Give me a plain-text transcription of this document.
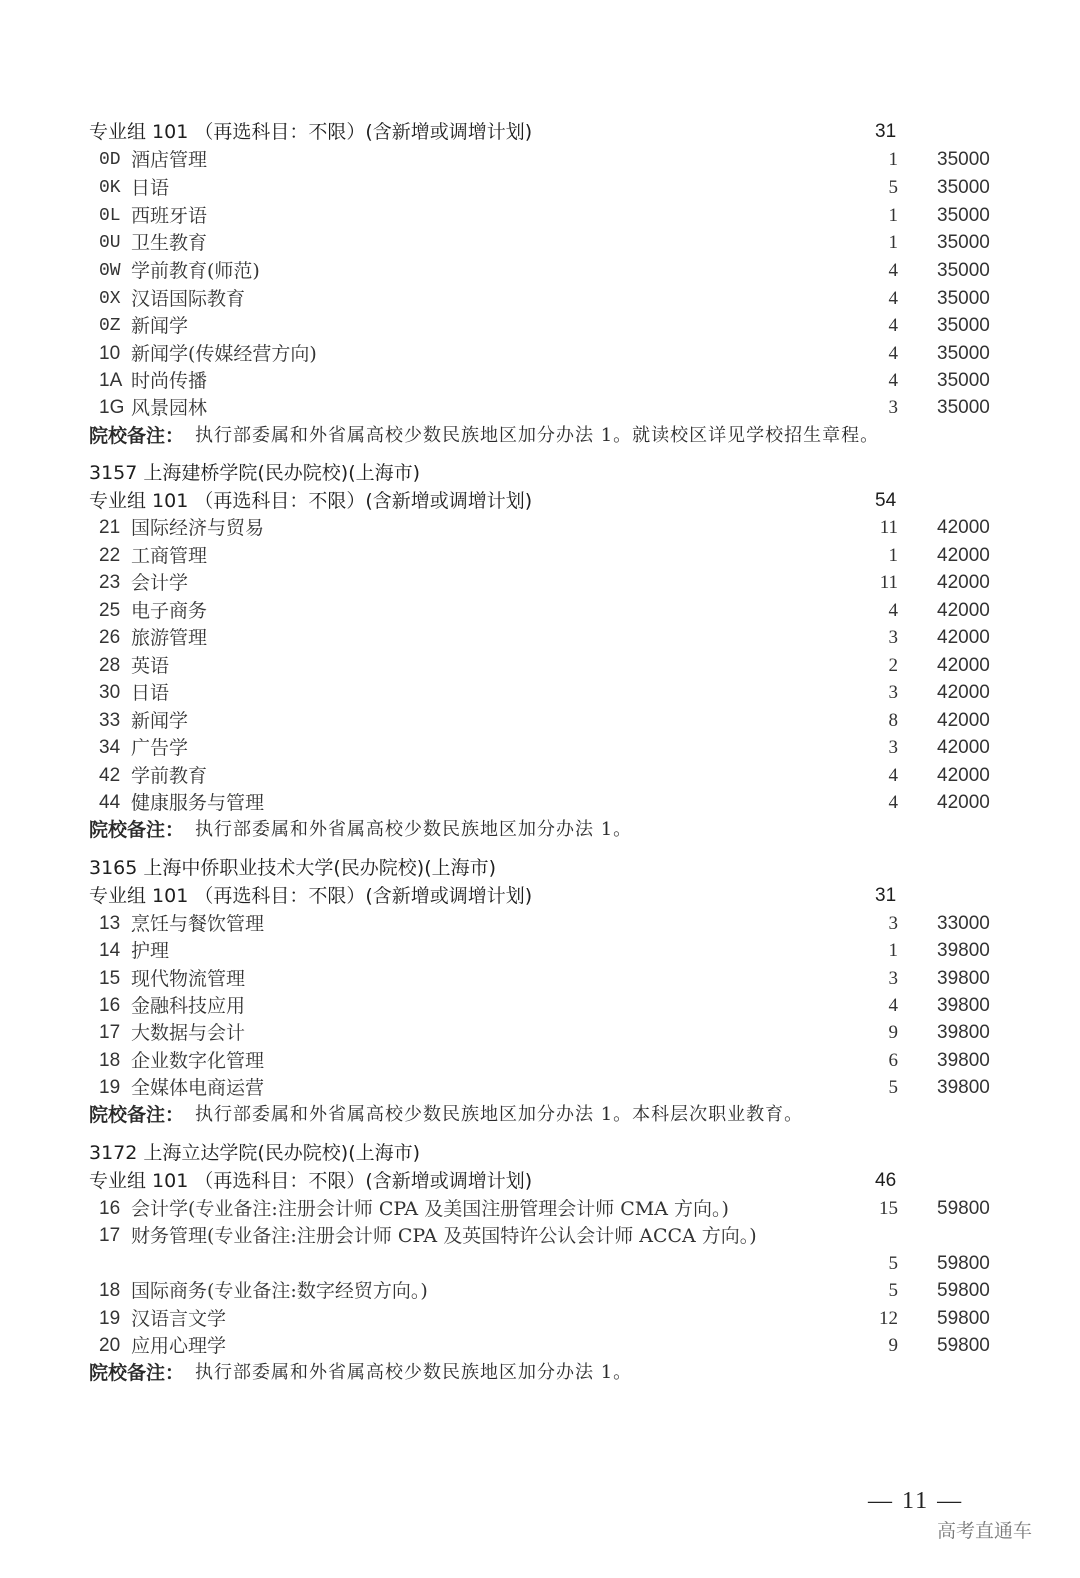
专业组 101 （再选科目：不限）(含新增或调增计划)	31
0D 酒店管理	1 35000
0K 日语	5 35000
0L 西班牙语	1 35000
0U 卫生教育	1 35000
0W 学前教育(师范)	4 35000
0X 汉语国际教育	4 35000
0Z 新闻学	4 35000
10 新闻学(传媒经营方向)	4 35000
1A 时尚传播	4 35000
1G 风景园林	3 35000
院校备注： 执行部委属和外省属高校少数民族地区加分办法 1。就读校区详见学校招生章程。
3157 上海建桥学院(民办院校)(上海市)
专业组 101 （再选科目：不限）(含新增或调增计划)	54
21 国际经济与贸易	11 42000
22 工商管理	1 42000
23 会计学	11 42000
25 电子商务	4 42000
26 旅游管理	3 42000
28 英语	2 42000
30 日语	3 42000
33 新闻学	8 42000
34 广告学	3 42000
42 学前教育	4 42000
44 健康服务与管理	4 42000
院校备注： 执行部委属和外省属高校少数民族地区加分办法 1。
3165 上海中侨职业技术大学(民办院校)(上海市)
专业组 101 （再选科目：不限）(含新增或调增计划)	31
13 烹饪与餐饮管理	3 33000
14 护理	1 39800
15 现代物流管理	3 39800
16 金融科技应用	4 39800
17 大数据与会计	9 39800
18 企业数字化管理	6 39800
19 全媒体电商运营	5 39800
院校备注： 执行部委属和外省属高校少数民族地区加分办法 1。本科层次职业教育。
3172 上海立达学院(民办院校)(上海市)
专业组 101 （再选科目：不限）(含新增或调增计划)	46
16 会计学(专业备注:注册会计师 CPA 及美国注册管理会计师 CMA 方向。)	15 59800
17 财务管理(专业备注:注册会计师 CPA 及英国特许公认会计师 ACCA 方向。)
5 59800
18 国际商务(专业备注:数字经贸方向。)	5 59800
19 汉语言文学	12 59800
20 应用心理学	9 59800
院校备注： 执行部委属和外省属高校少数民族地区加分办法 1。
— 11 —
高考直通车
